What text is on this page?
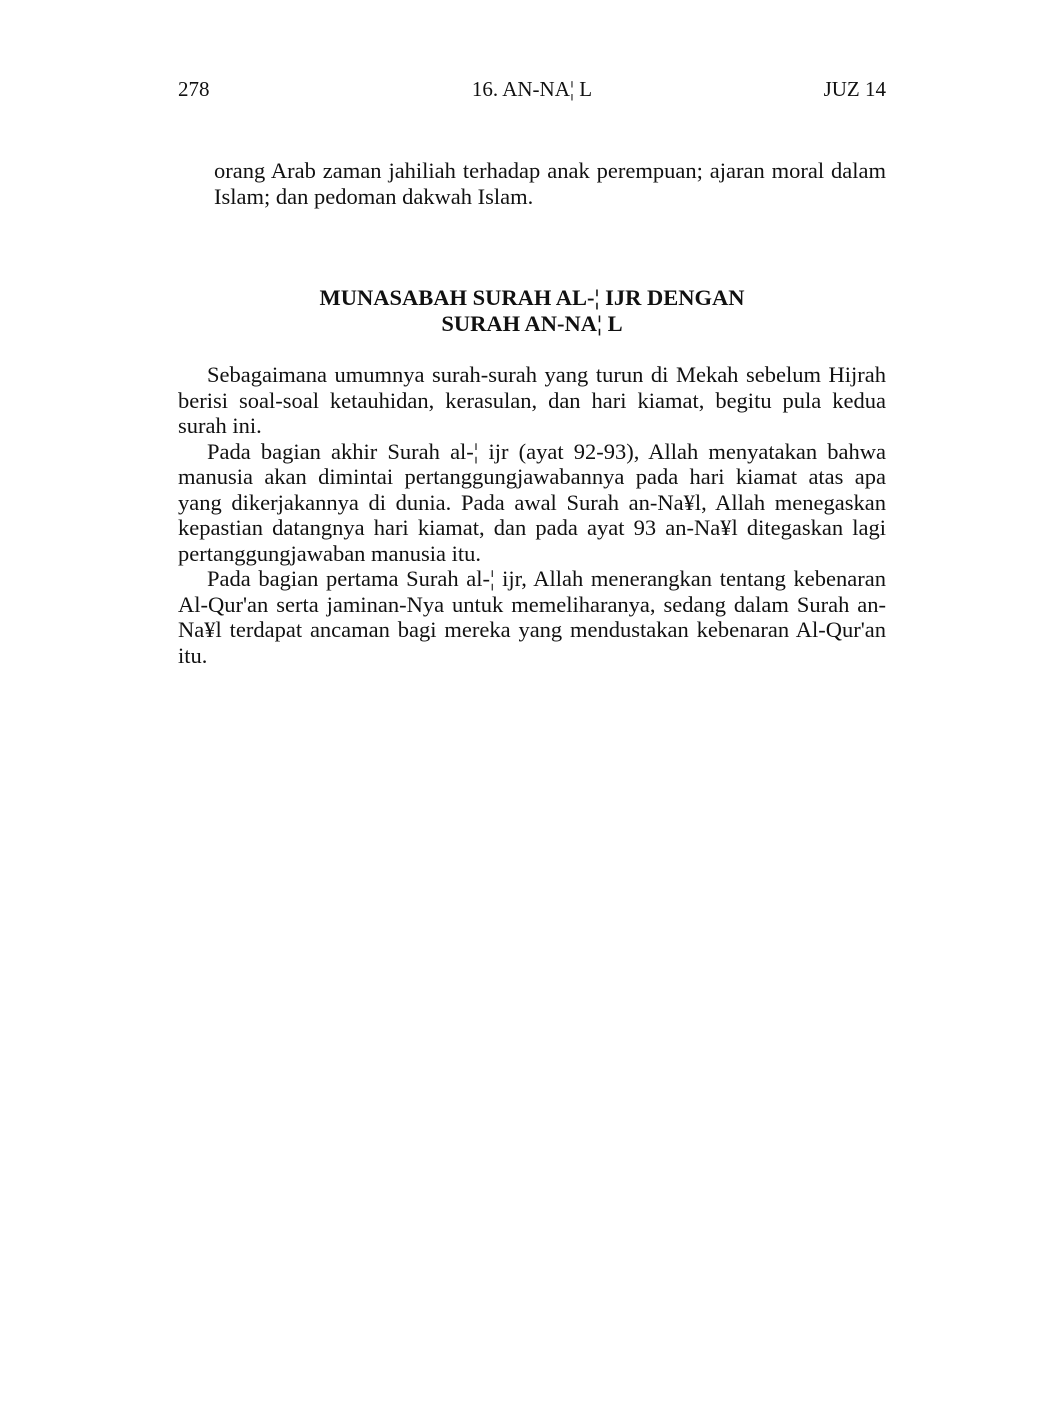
278	16. AN-NA¦ L	JUZ 14

orang Arab zaman jahiliah terhadap anak perempuan; ajaran moral dalam Islam; dan pedoman dakwah Islam.

MUNASABAH SURAH AL-¦ IJR DENGAN
SURAH AN-NA¦ L

Sebagaimana umumnya surah-surah yang turun di Mekah sebelum Hijrah berisi soal-soal ketauhidan, kerasulan, dan hari kiamat, begitu pula kedua surah ini.

Pada bagian akhir Surah al-¦ ijr (ayat 92-93), Allah menyatakan bahwa manusia akan dimintai pertanggungjawabannya pada hari kiamat atas apa yang dikerjakannya di dunia. Pada awal Surah an-Na¥l, Allah menegaskan kepastian datangnya hari kiamat, dan pada ayat 93 an-Na¥l ditegaskan lagi pertanggungjawaban manusia itu.

Pada bagian pertama Surah al-¦ ijr, Allah menerangkan tentang kebenaran Al-Qur'an serta jaminan-Nya untuk memeliharanya, sedang dalam Surah an-Na¥l terdapat ancaman bagi mereka yang mendustakan kebenaran Al-Qur'an itu.
